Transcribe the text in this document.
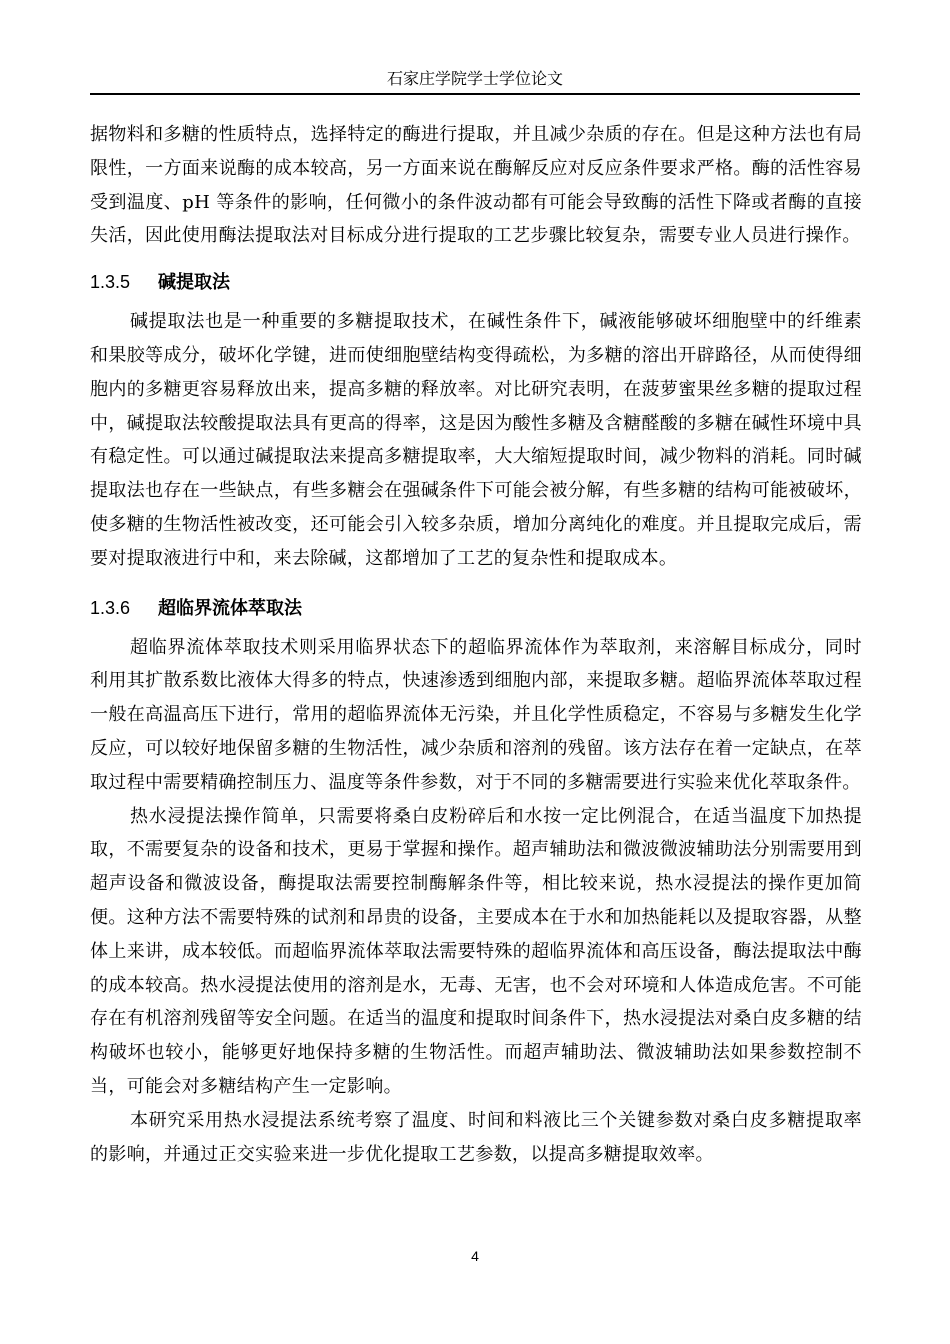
石家庄学院学士学位论文

据物料和多糖的性质特点，选择特定的酶进行提取，并且减少杂质的存在。但是这种方法也有局限性，一方面来说酶的成本较高，另一方面来说在酶解反应对反应条件要求严格。酶的活性容易受到温度、pH 等条件的影响，任何微小的条件波动都有可能会导致酶的活性下降或者酶的直接失活，因此使用酶法提取法对目标成分进行提取的工艺步骤比较复杂，需要专业人员进行操作。

1.3.5 碱提取法

碱提取法也是一种重要的多糖提取技术，在碱性条件下，碱液能够破坏细胞壁中的纤维素和果胶等成分，破坏化学键，进而使细胞壁结构变得疏松，为多糖的溶出开辟路径，从而使得细胞内的多糖更容易释放出来，提高多糖的释放率。对比研究表明，在菠萝蜜果丝多糖的提取过程中，碱提取法较酸提取法具有更高的得率，这是因为酸性多糖及含糖醛酸的多糖在碱性环境中具有稳定性。可以通过碱提取法来提高多糖提取率，大大缩短提取时间，减少物料的消耗。同时碱提取法也存在一些缺点，有些多糖会在强碱条件下可能会被分解，有些多糖的结构可能被破坏，使多糖的生物活性被改变，还可能会引入较多杂质，增加分离纯化的难度。并且提取完成后，需要对提取液进行中和，来去除碱，这都增加了工艺的复杂性和提取成本。

1.3.6 超临界流体萃取法

超临界流体萃取技术则采用临界状态下的超临界流体作为萃取剂，来溶解目标成分，同时利用其扩散系数比液体大得多的特点，快速渗透到细胞内部，来提取多糖。超临界流体萃取过程一般在高温高压下进行，常用的超临界流体无污染，并且化学性质稳定，不容易与多糖发生化学反应，可以较好地保留多糖的生物活性，减少杂质和溶剂的残留。该方法存在着一定缺点，在萃取过程中需要精确控制压力、温度等条件参数，对于不同的多糖需要进行实验来优化萃取条件。

热水浸提法操作简单，只需要将桑白皮粉碎后和水按一定比例混合，在适当温度下加热提取，不需要复杂的设备和技术，更易于掌握和操作。超声辅助法和微波微波辅助法分别需要用到超声设备和微波设备，酶提取法需要控制酶解条件等，相比较来说，热水浸提法的操作更加简便。这种方法不需要特殊的试剂和昂贵的设备，主要成本在于水和加热能耗以及提取容器，从整体上来讲，成本较低。而超临界流体萃取法需要特殊的超临界流体和高压设备，酶法提取法中酶的成本较高。热水浸提法使用的溶剂是水，无毒、无害，也不会对环境和人体造成危害。不可能存在有机溶剂残留等安全问题。在适当的温度和提取时间条件下，热水浸提法对桑白皮多糖的结构破坏也较小，能够更好地保持多糖的生物活性。而超声辅助法、微波辅助法如果参数控制不当，可能会对多糖结构产生一定影响。

本研究采用热水浸提法系统考察了温度、时间和料液比三个关键参数对桑白皮多糖提取率的影响，并通过正交实验来进一步优化提取工艺参数，以提高多糖提取效率。

4
